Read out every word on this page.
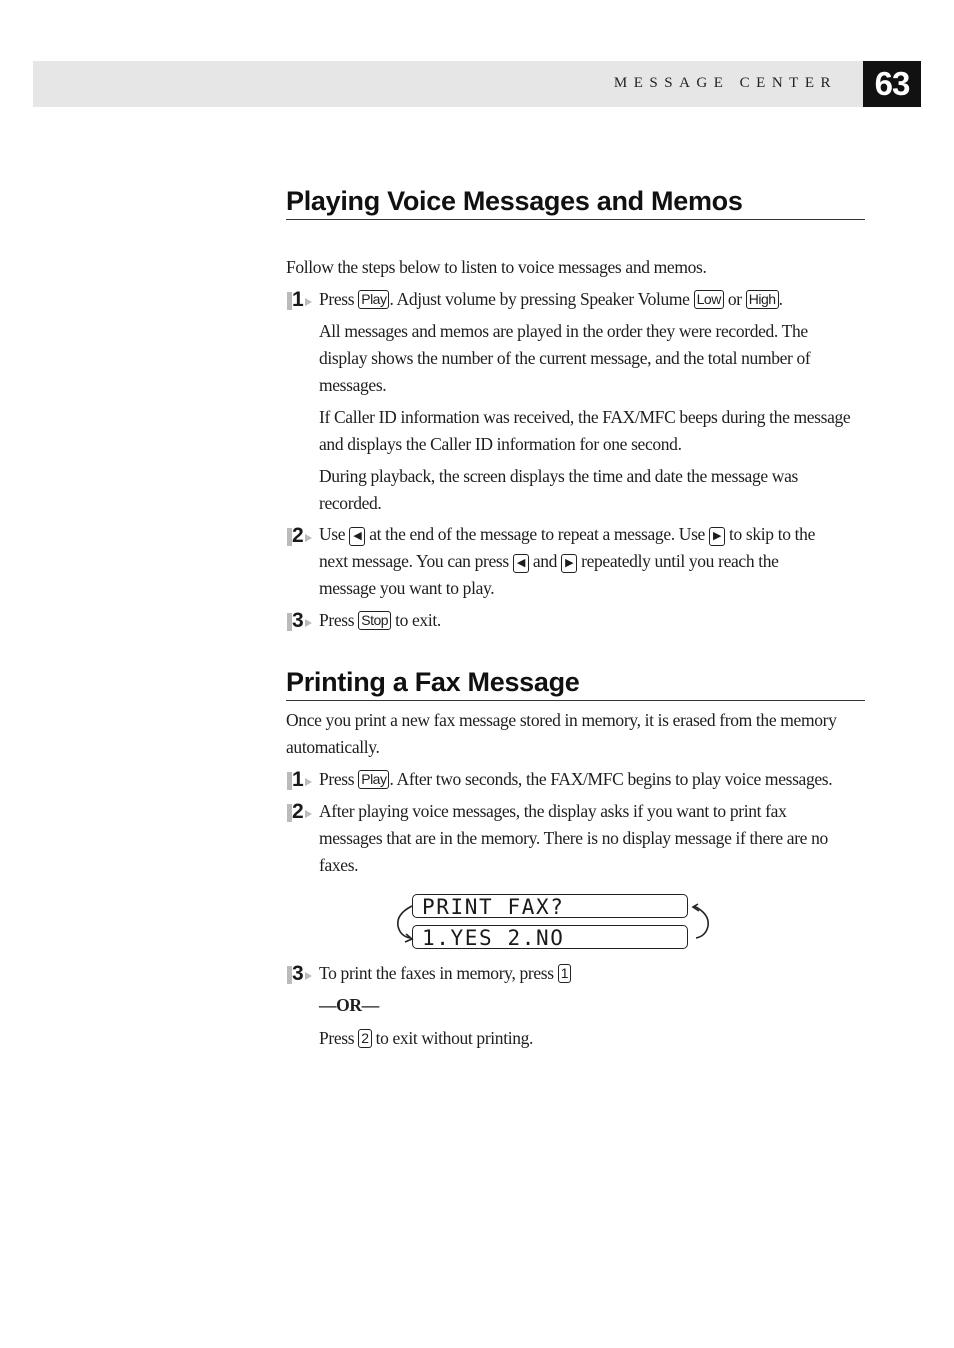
MESSAGE CENTER	63
Playing Voice Messages and Memos

Follow the steps below to listen to voice messages and memos.

1 Press Play . Adjust volume by pressing Speaker Volume Low or High .

All messages and memos are played in the order they were recorded. The
display shows the number of the current message, and the total number of
messages.

If Caller ID information was received, the FAX/MFC beeps during the message
and displays the Caller ID information for one second.

During playback, the screen displays the time and date the message was
recorded.

2 Use ◀ at the end of the message to repeat a message. Use ▶ to skip to the
next message. You can press ◀ and ▶ repeatedly until you reach the
message you want to play.

3 Press Stop to exit.

Printing a Fax Message

Once you print a new fax message stored in memory, it is erased from the memory
automatically.

1 Press Play . After two seconds, the FAX/MFC begins to play voice messages.

2 After playing voice messages, the display asks if you want to print fax
messages that are in the memory. There is no display message if there are no
faxes.

PRINT FAX?
1.YES 2.NO
3 To print the faxes in memory, press 1

—OR—

Press 2 to exit without printing.
